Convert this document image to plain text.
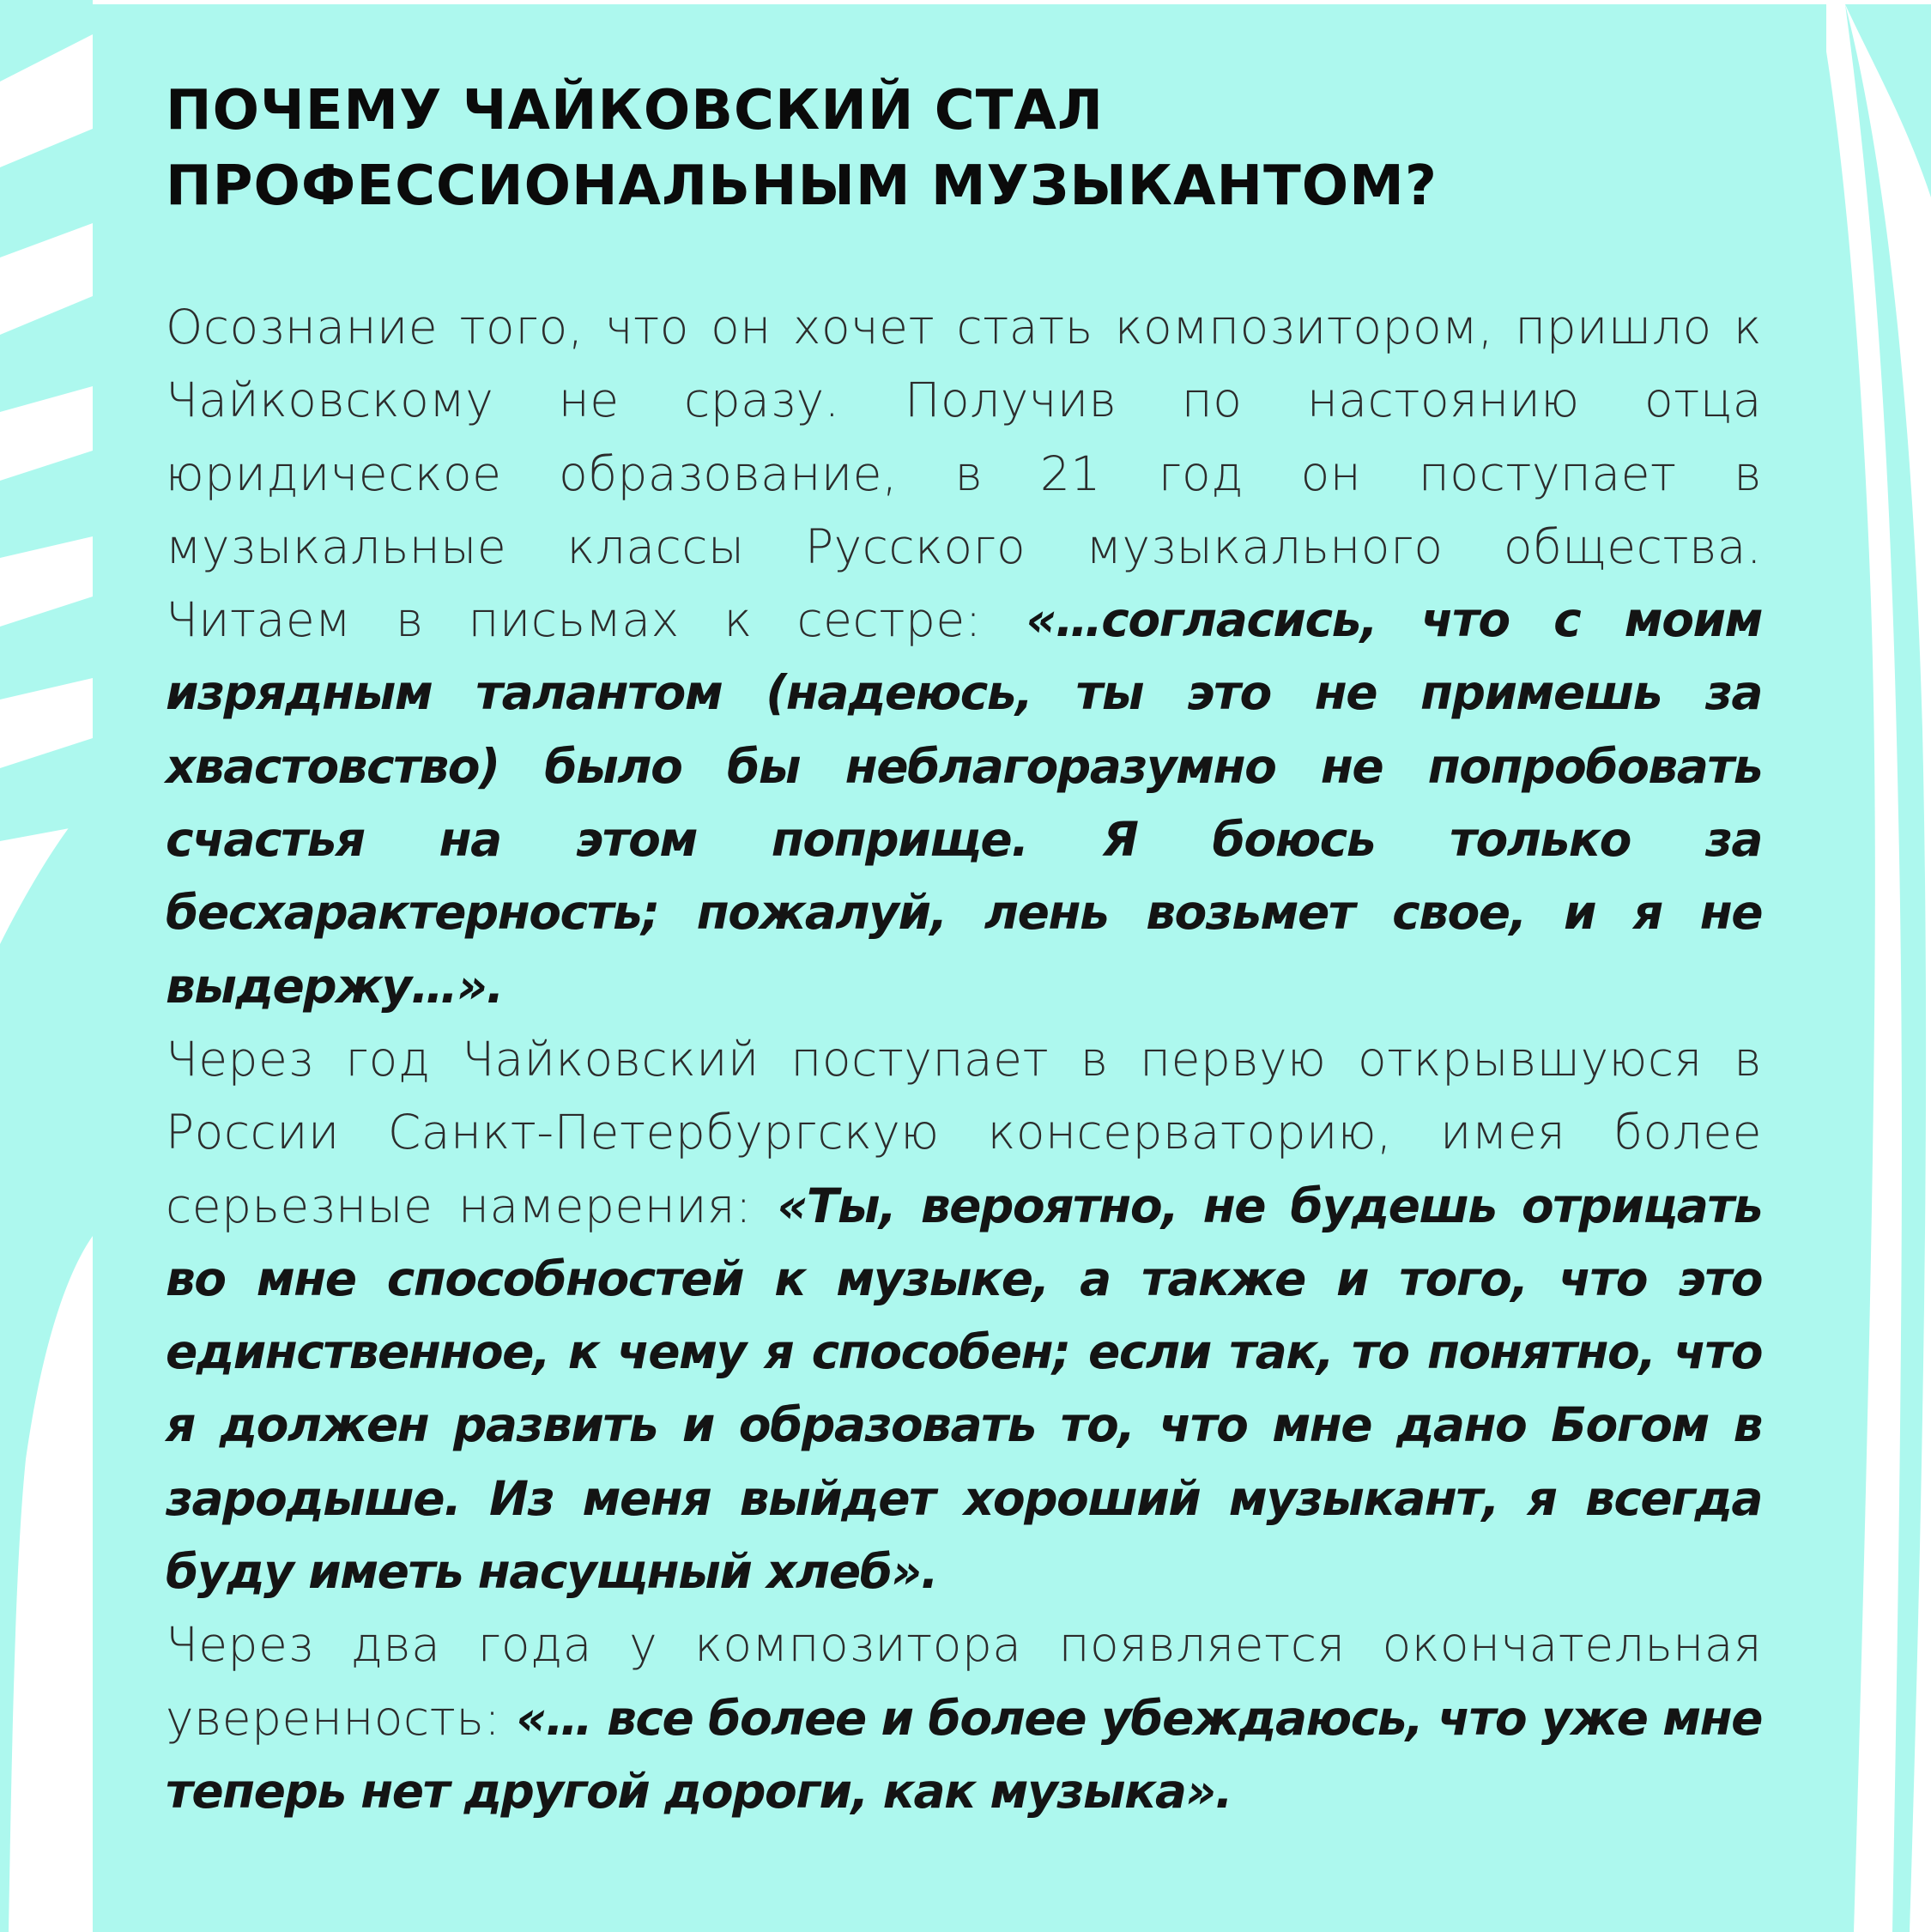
ПОЧЕМУ ЧАЙКОВСКИЙ СТАЛ
ПРОФЕССИОНАЛЬНЫМ МУЗЫКАНТОМ?

Осознание того, что он хочет стать композитором, пришло к Чайковскому не сразу. Получив по настоянию отца юридическое образование, в 21 год он поступает в музыкальные классы Русского музыкального общества. Читаем в письмах к сестре: «…согласись, что с моим изрядным талантом (надеюсь, ты это не примешь за хвастовство) было бы неблагоразумно не попробовать счастья на этом поприще. Я боюсь только за бесхарактерность; пожалуй, лень возьмет свое, и я не выдержу…».

Через год Чайковский поступает в первую открывшуюся в России Санкт-Петербургскую консерваторию, имея более серьезные намерения: «Ты, вероятно, не будешь отрицать во мне способностей к музыке, а также и того, что это единственное, к чему я способен; если так, то понятно, что я должен развить и образовать то, что мне дано Богом в зародыше. Из меня выйдет хороший музыкант, я всегда буду иметь насущный хлеб».

Через два года у композитора появляется окончательная уверенность: «… все более и более убеждаюсь, что уже мне теперь нет другой дороги, как музыка».
